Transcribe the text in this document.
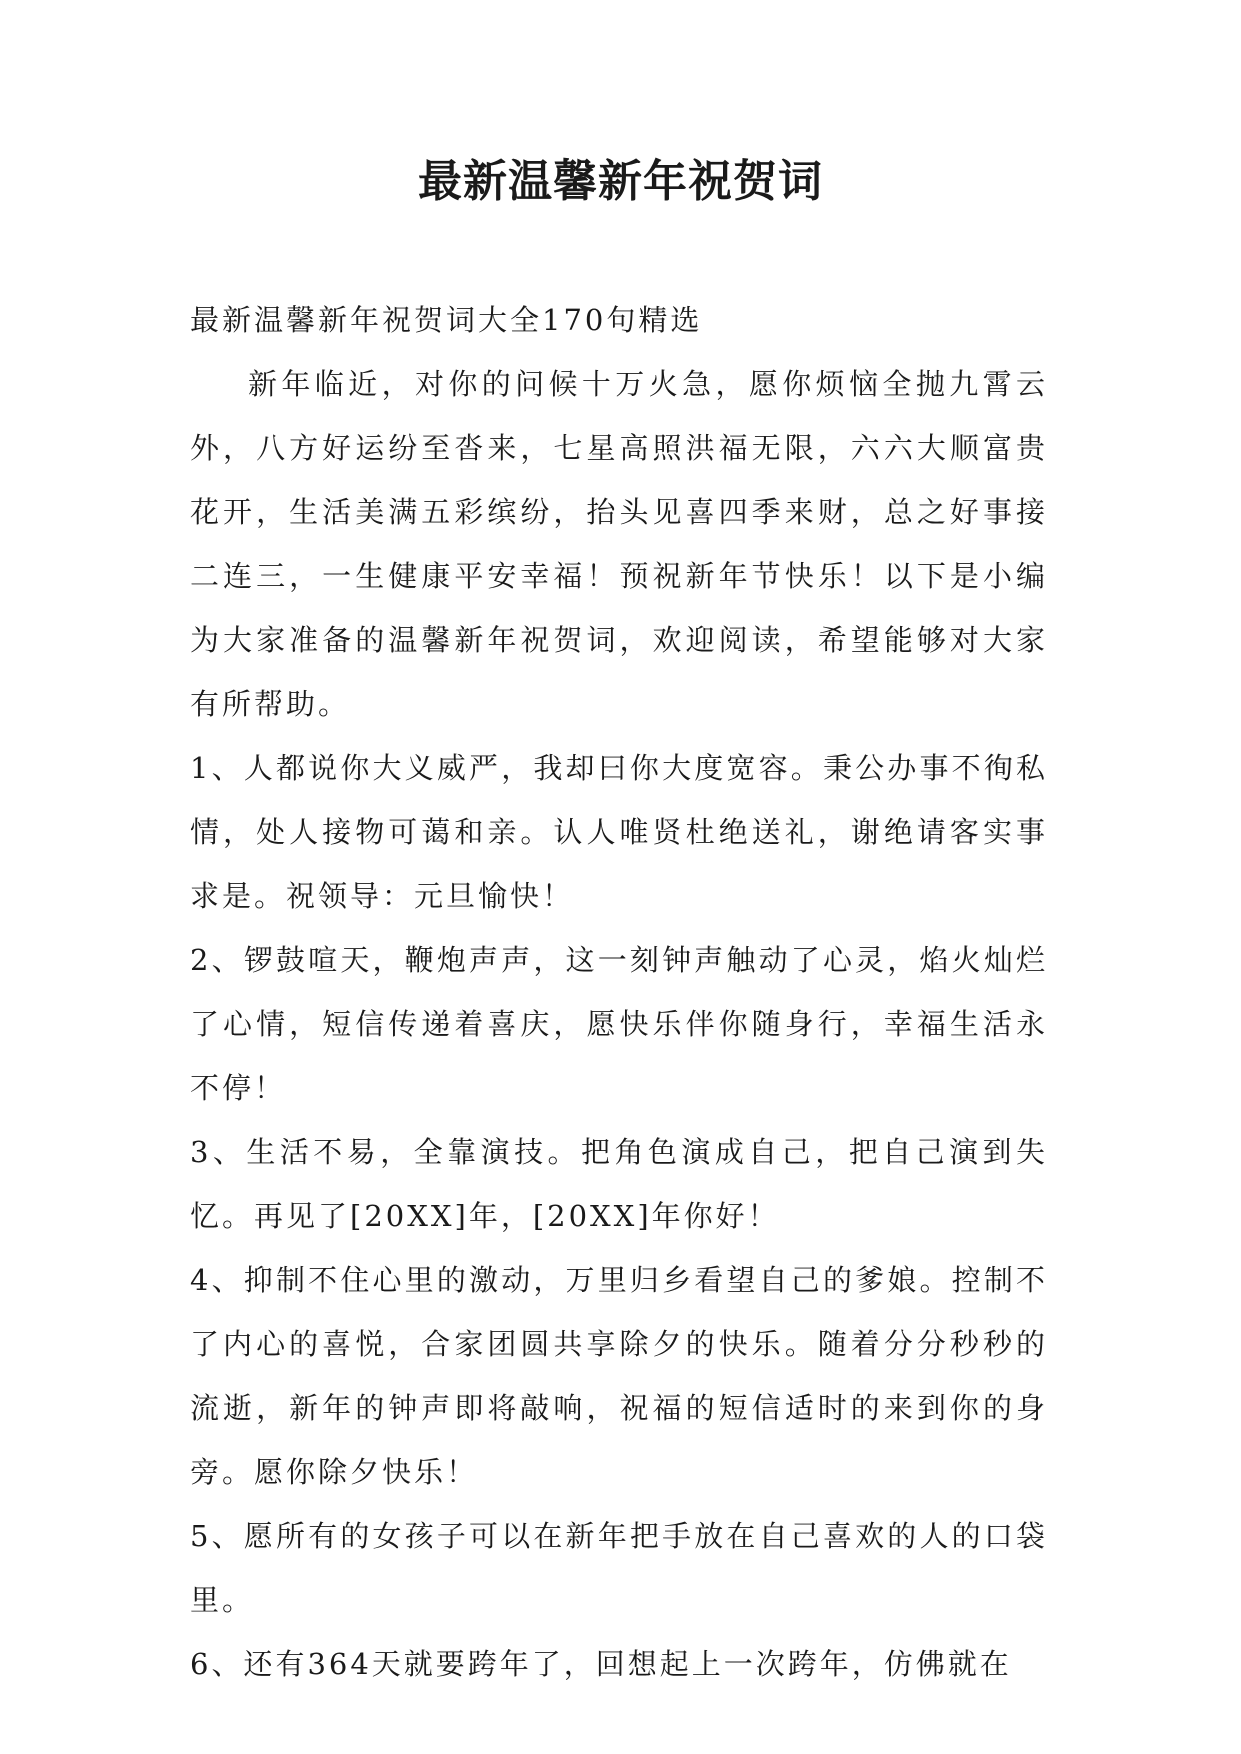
最新温馨新年祝贺词

最新温馨新年祝贺词大全170句精选

新年临近，对你的问候十万火急，愿你烦恼全抛九霄云外，八方好运纷至沓来，七星高照洪福无限，六六大顺富贵花开，生活美满五彩缤纷，抬头见喜四季来财，总之好事接二连三，一生健康平安幸福！预祝新年节快乐！以下是小编为大家准备的温馨新年祝贺词，欢迎阅读，希望能够对大家有所帮助。

1、人都说你大义威严，我却曰你大度宽容。秉公办事不徇私情，处人接物可蔼和亲。认人唯贤杜绝送礼，谢绝请客实事求是。祝领导：元旦愉快！

2、锣鼓喧天，鞭炮声声，这一刻钟声触动了心灵，焰火灿烂了心情，短信传递着喜庆，愿快乐伴你随身行，幸福生活永不停！

3、生活不易，全靠演技。把角色演成自己，把自己演到失忆。再见了[20XX]年，[20XX]年你好！

4、抑制不住心里的激动，万里归乡看望自己的爹娘。控制不了内心的喜悦，合家团圆共享除夕的快乐。随着分分秒秒的流逝，新年的钟声即将敲响，祝福的短信适时的来到你的身旁。愿你除夕快乐！

5、愿所有的女孩子可以在新年把手放在自己喜欢的人的口袋里。

6、还有364天就要跨年了，回想起上一次跨年，仿佛就在
